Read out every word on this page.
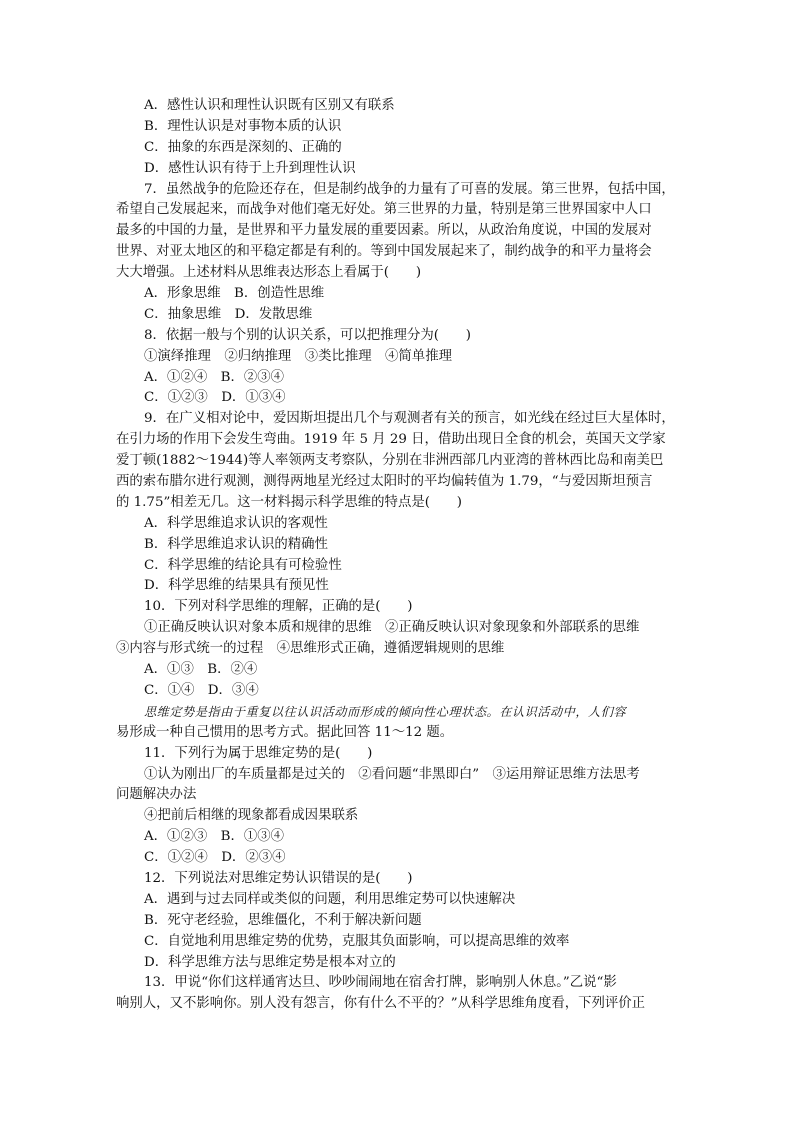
A．感性认识和理性认识既有区别又有联系
B．理性认识是对事物本质的认识
C．抽象的东西是深刻的、正确的
D．感性认识有待于上升到理性认识
7．虽然战争的危险还存在，但是制约战争的力量有了可喜的发展。第三世界，包括中国，
希望自己发展起来，而战争对他们毫无好处。第三世界的力量，特别是第三世界国家中人口
最多的中国的力量，是世界和平力量发展的重要因素。所以，从政治角度说，中国的发展对
世界、对亚太地区的和平稳定都是有利的。等到中国发展起来了，制约战争的和平力量将会
大大增强。上述材料从思维表达形态上看属于(　　)
A．形象思维　B．创造性思维
C．抽象思维　D．发散思维
8．依据一般与个别的认识关系，可以把推理分为(　　)
①演绎推理　②归纳推理　③类比推理　④简单推理
A．①②④　B．②③④
C．①②③　D．①③④
9．在广义相对论中，爱因斯坦提出几个与观测者有关的预言，如光线在经过巨大星体时，
在引力场的作用下会发生弯曲。1919 年 5 月 29 日，借助出现日全食的机会，英国天文学家
爱丁顿(1882～1944)等人率领两支考察队，分别在非洲西部几内亚湾的普林西比岛和南美巴
西的索布腊尔进行观测，测得两地星光经过太阳时的平均偏转值为 1.79，“与爱因斯坦预言
的 1.75”相差无几。这一材料揭示科学思维的特点是(　　)
A．科学思维追求认识的客观性
B．科学思维追求认识的精确性
C．科学思维的结论具有可检验性
D．科学思维的结果具有预见性
10．下列对科学思维的理解，正确的是(　　)
①正确反映认识对象本质和规律的思维　②正确反映认识对象现象和外部联系的思维
③内容与形式统一的过程　④思维形式正确，遵循逻辑规则的思维
A．①③　B．②④
C．①④　D．③④
思维定势是指由于重复以往认识活动而形成的倾向性心理状态。在认识活动中，人们容
易形成一种自己惯用的思考方式。据此回答 11～12 题。
11．下列行为属于思维定势的是(　　)
①认为刚出厂的车质量都是过关的　②看问题“非黑即白”　③运用辩证思维方法思考
问题解决办法
④把前后相继的现象都看成因果联系
A．①②③　B．①③④
C．①②④　D．②③④
12．下列说法对思维定势认识错误的是(　　)
A．遇到与过去同样或类似的问题，利用思维定势可以快速解决
B．死守老经验，思维僵化，不利于解决新问题
C．自觉地利用思维定势的优势，克服其负面影响，可以提高思维的效率
D．科学思维方法与思维定势是根本对立的
13．甲说“你们这样通宵达旦、吵吵闹闹地在宿舍打牌，影响别人休息。”乙说“影
响别人，又不影响你。别人没有怨言，你有什么不平的？”从科学思维角度看，下列评价正
